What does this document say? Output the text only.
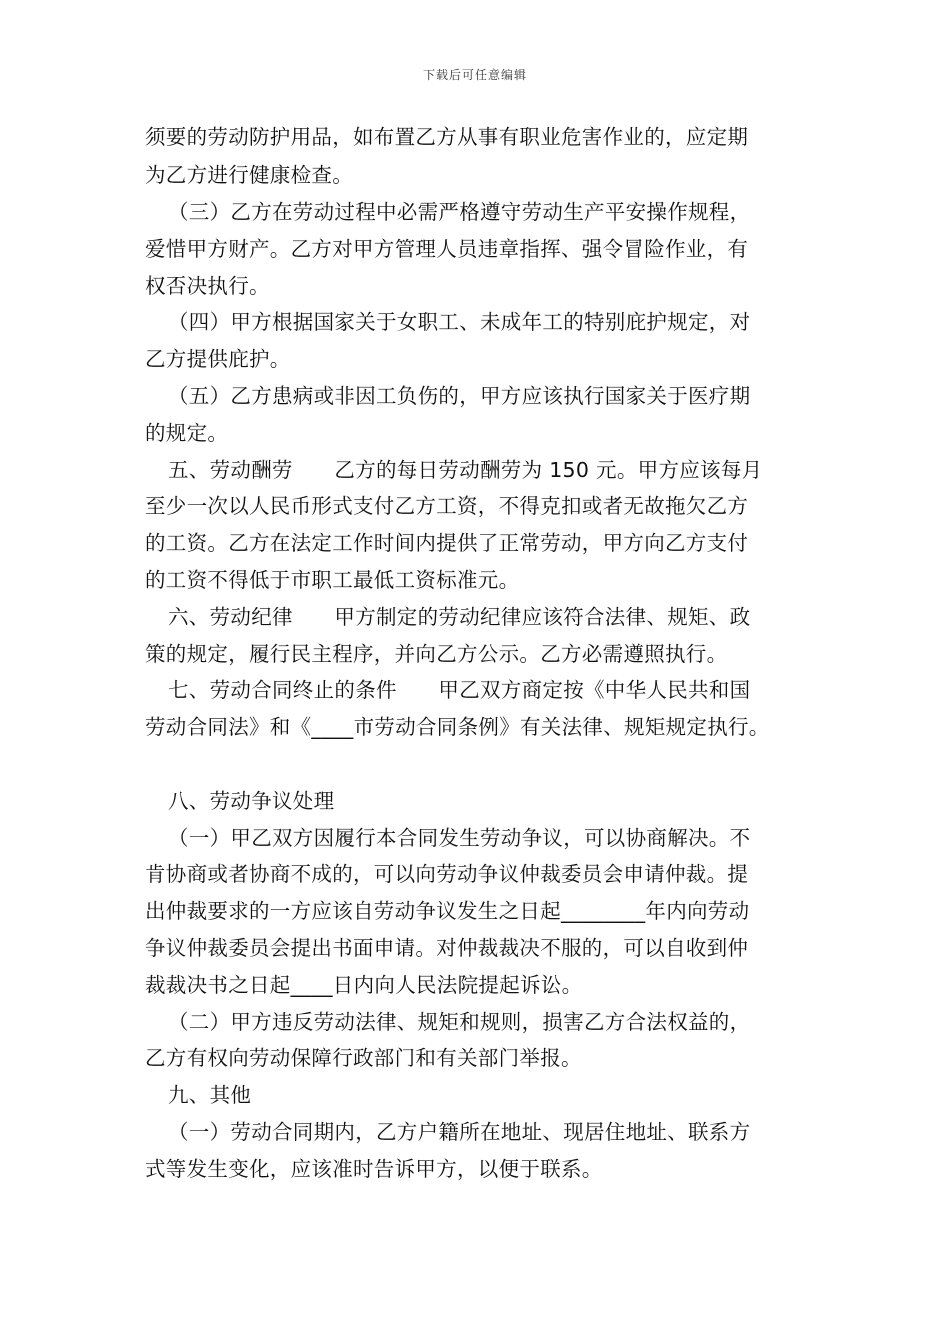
下载后可任意编辑
须要的劳动防护用品，如布置乙方从事有职业危害作业的，应定期
为乙方进行健康检查。
（三）乙方在劳动过程中必需严格遵守劳动生产平安操作规程，
爱惜甲方财产。乙方对甲方管理人员违章指挥、强令冒险作业，有
权否决执行。
（四）甲方根据国家关于女职工、未成年工的特别庇护规定，对
乙方提供庇护。
（五）乙方患病或非因工负伤的，甲方应该执行国家关于医疗期
的规定。
五、劳动酬劳　　乙方的每日劳动酬劳为 150 元。甲方应该每月
至少一次以人民币形式支付乙方工资，不得克扣或者无故拖欠乙方
的工资。乙方在法定工作时间内提供了正常劳动，甲方向乙方支付
的工资不得低于市职工最低工资标准元。
六、劳动纪律　　甲方制定的劳动纪律应该符合法律、规矩、政
策的规定，履行民主程序，并向乙方公示。乙方必需遵照执行。
七、劳动合同终止的条件　　甲乙双方商定按《中华人民共和国
劳动合同法》和《____市劳动合同条例》有关法律、规矩规定执行。
八、劳动争议处理
（一）甲乙双方因履行本合同发生劳动争议，可以协商解决。不
肯协商或者协商不成的，可以向劳动争议仲裁委员会申请仲裁。提
出仲裁要求的一方应该自劳动争议发生之日起________年内向劳动
争议仲裁委员会提出书面申请。对仲裁裁决不服的，可以自收到仲
裁裁决书之日起____日内向人民法院提起诉讼。
（二）甲方违反劳动法律、规矩和规则，损害乙方合法权益的，
乙方有权向劳动保障行政部门和有关部门举报。
九、其他
（一）劳动合同期内，乙方户籍所在地址、现居住地址、联系方
式等发生变化，应该准时告诉甲方，以便于联系。
